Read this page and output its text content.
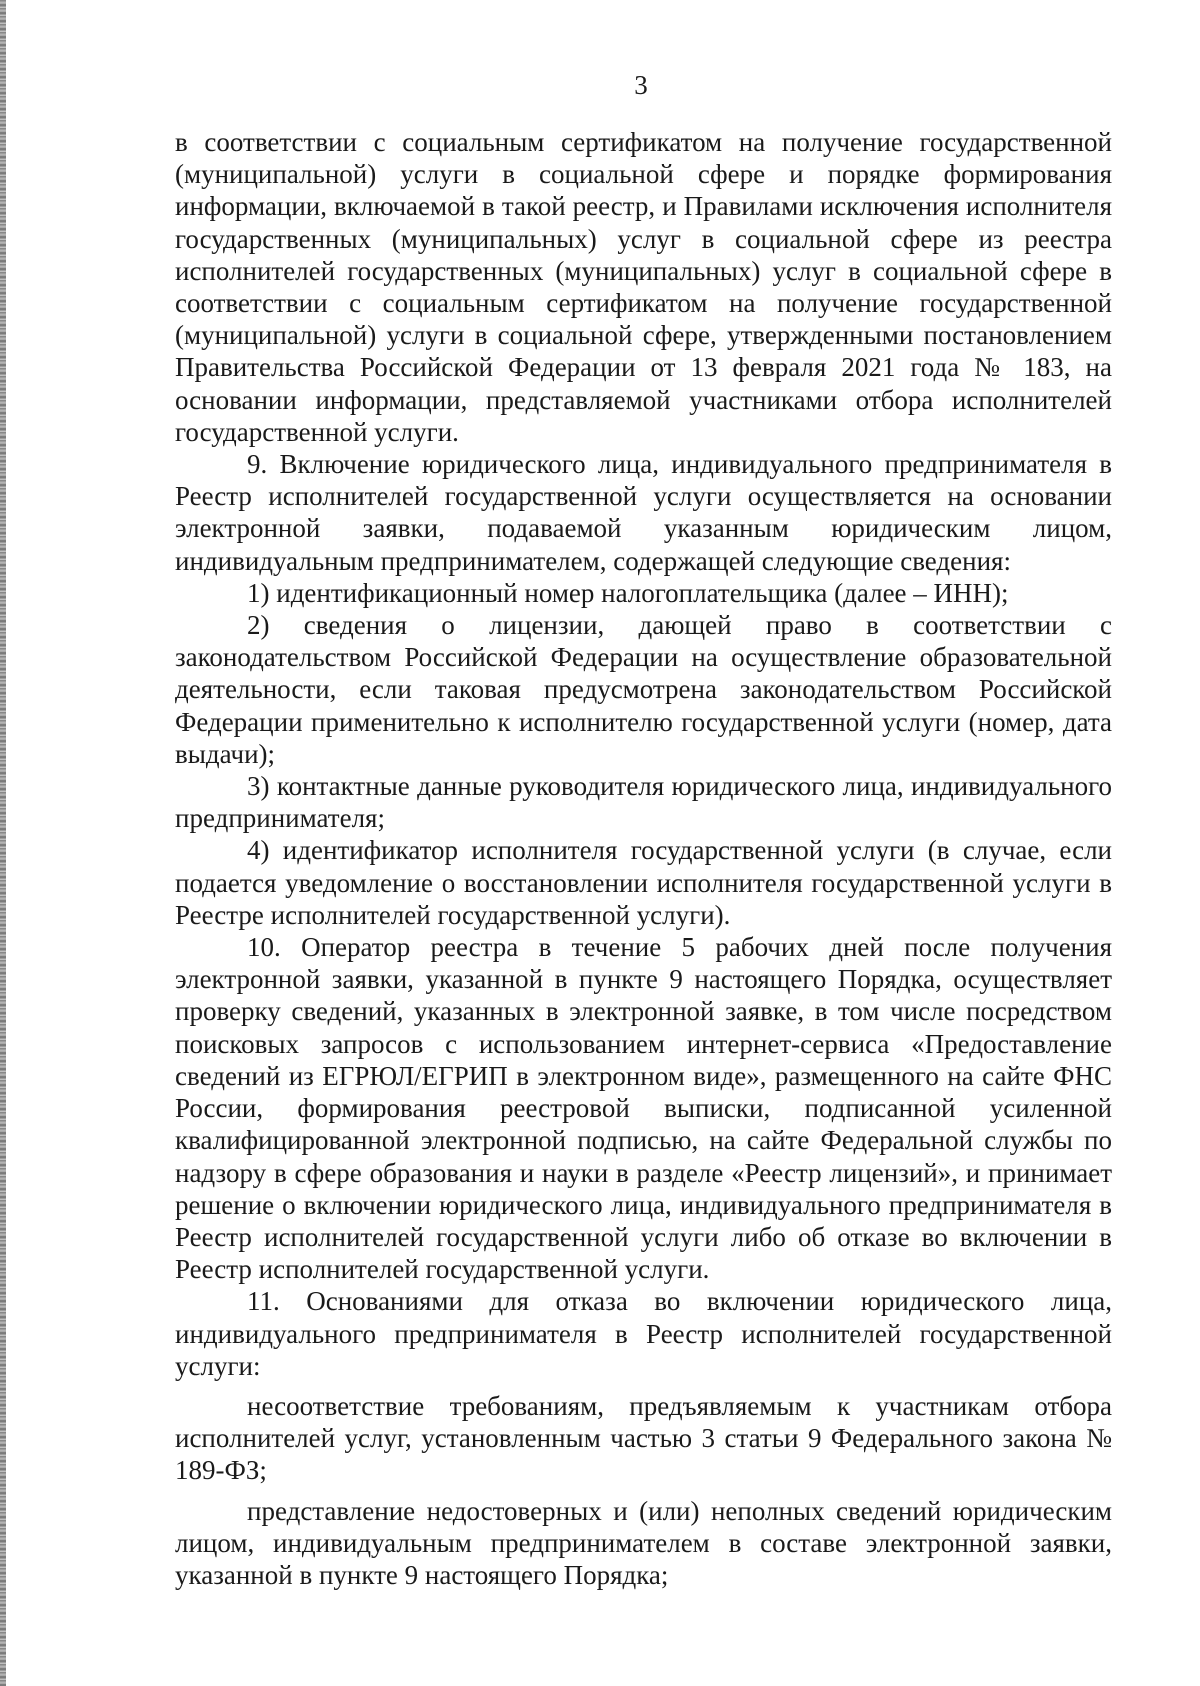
3

в соответствии с социальным сертификатом на получение государственной (муниципальной) услуги в социальной сфере и порядке формирования информации, включаемой в такой реестр, и Правилами исключения исполнителя государственных (муниципальных) услуг в социальной сфере из реестра исполнителей государственных (муниципальных) услуг в социальной сфере в соответствии с социальным сертификатом на получение государственной (муниципальной) услуги в социальной сфере, утвержденными постановлением Правительства Российской Федерации от 13 февраля 2021 года № 183, на основании информации, представляемой участниками отбора исполнителей государственной услуги.

9. Включение юридического лица, индивидуального предпринимателя в Реестр исполнителей государственной услуги осуществляется на основании электронной заявки, подаваемой указанным юридическим лицом, индивидуальным предпринимателем, содержащей следующие сведения:

1) идентификационный номер налогоплательщика (далее – ИНН);

2) сведения о лицензии, дающей право в соответствии с законодательством Российской Федерации на осуществление образовательной деятельности, если таковая предусмотрена законодательством Российской Федерации применительно к исполнителю государственной услуги (номер, дата выдачи);

3) контактные данные руководителя юридического лица, индивидуального предпринимателя;

4) идентификатор исполнителя государственной услуги (в случае, если подается уведомление о восстановлении исполнителя государственной услуги в Реестре исполнителей государственной услуги).

10. Оператор реестра в течение 5 рабочих дней после получения электронной заявки, указанной в пункте 9 настоящего Порядка, осуществляет проверку сведений, указанных в электронной заявке, в том числе посредством поисковых запросов с использованием интернет-сервиса «Предоставление сведений из ЕГРЮЛ/ЕГРИП в электронном виде», размещенного на сайте ФНС России, формирования реестровой выписки, подписанной усиленной квалифицированной электронной подписью, на сайте Федеральной службы по надзору в сфере образования и науки в разделе «Реестр лицензий», и принимает решение о включении юридического лица, индивидуального предпринимателя в Реестр исполнителей государственной услуги либо об отказе во включении в Реестр исполнителей государственной услуги.

11. Основаниями для отказа во включении юридического лица, индивидуального предпринимателя в Реестр исполнителей государственной услуги:

несоответствие требованиям, предъявляемым к участникам отбора исполнителей услуг, установленным частью 3 статьи 9 Федерального закона № 189-ФЗ;

представление недостоверных и (или) неполных сведений юридическим лицом, индивидуальным предпринимателем в составе электронной заявки, указанной в пункте 9 настоящего Порядка;
